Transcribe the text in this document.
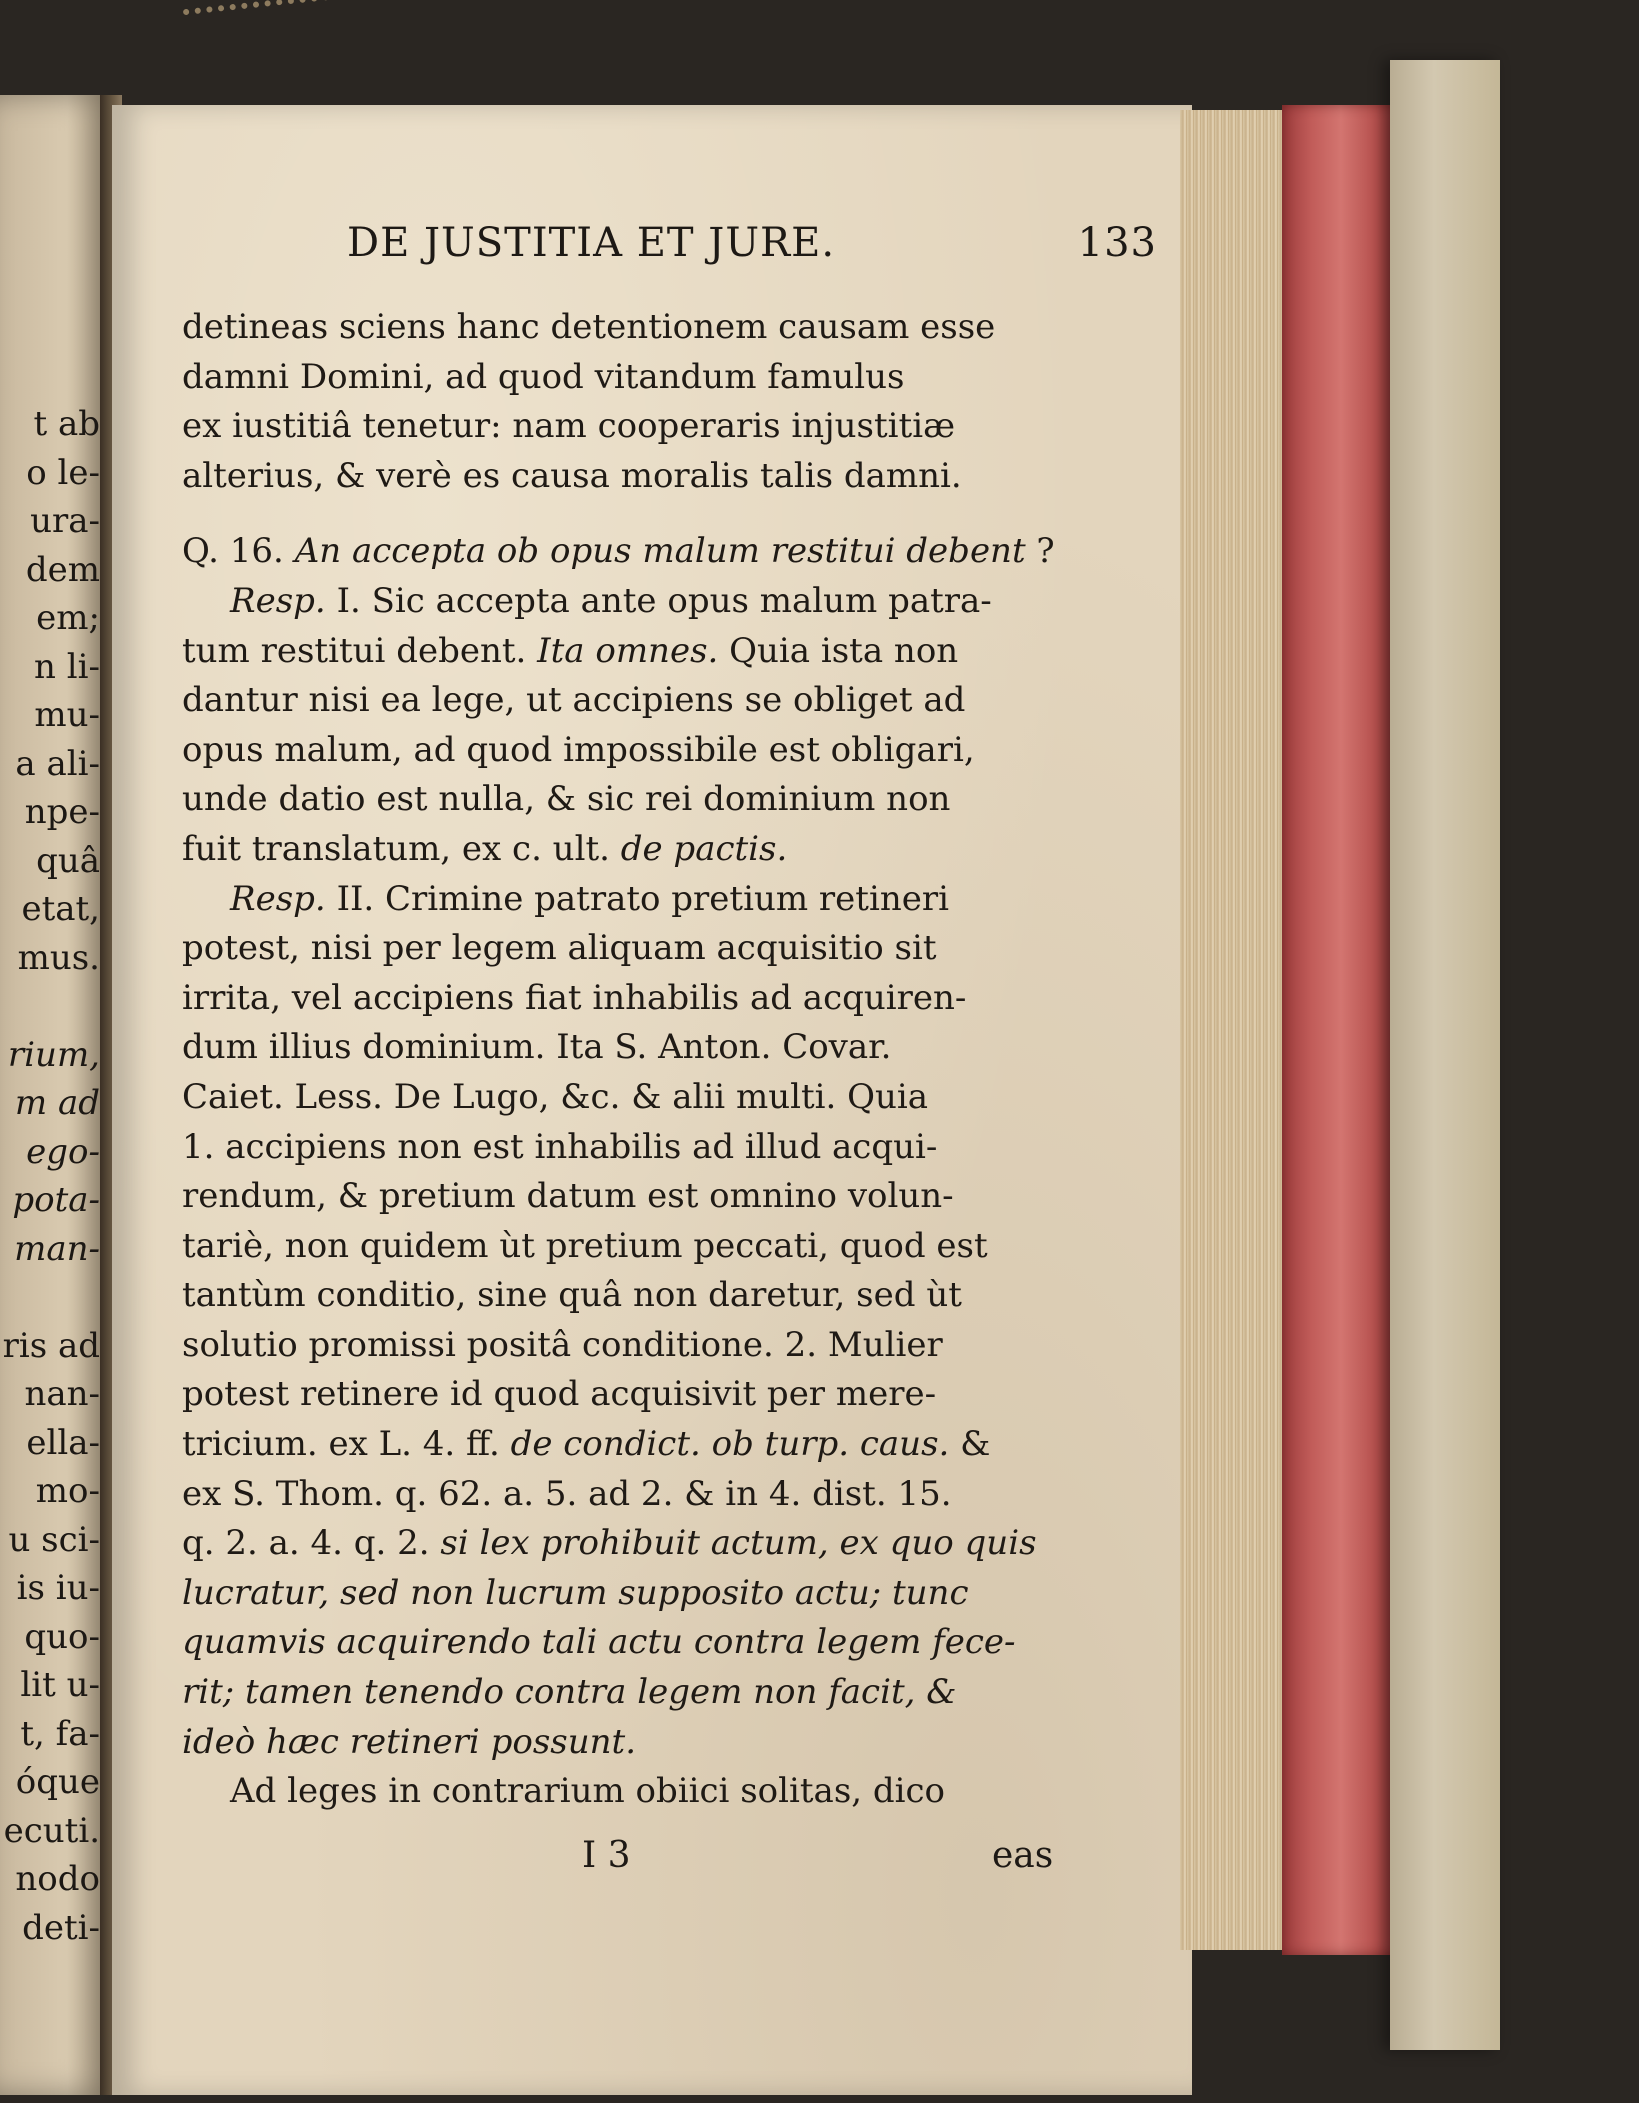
t ab
o le-
ura-
dem
em;
n li-
mu-
a ali-
npe-
quâ
etat,
mus.
rium,
m ad
ego-
pota-
man-
ris ad
nan-
ella-
mo-
u sci-
is iu-
quo-
lit u-
t, fa-
óque
ecuti.
nodo
deti-
DE JUSTITIA ET JURE.	133
detineas sciens hanc detentionem causam esse
damni Domini, ad quod vitandum famulus
ex iustitiâ tenetur: nam cooperaris injustitiæ
alterius, & verè es causa moralis talis damni.
Q. 16. An accepta ob opus malum restitui debent ?
Resp. I. Sic accepta ante opus malum patra-
tum restitui debent. Ita omnes. Quia ista non
dantur nisi ea lege, ut accipiens se obliget ad
opus malum, ad quod impossibile est obligari,
unde datio est nulla, & sic rei dominium non
fuit translatum, ex c. ult. de pactis.
Resp. II. Crimine patrato pretium retineri
potest, nisi per legem aliquam acquisitio sit
irrita, vel accipiens fiat inhabilis ad acquiren-
dum illius dominium. Ita S. Anton. Covar.
Caiet. Less. De Lugo, &c. & alii multi. Quia
1. accipiens non est inhabilis ad illud acqui-
rendum, & pretium datum est omnino volun-
tariè, non quidem ùt pretium peccati, quod est
tantùm conditio, sine quâ non daretur, sed ùt
solutio promissi positâ conditione. 2. Mulier
potest retinere id quod acquisivit per mere-
tricium. ex L. 4. ff. de condict. ob turp. caus. &
ex S. Thom. q. 62. a. 5. ad 2. & in 4. dist. 15.
q. 2. a. 4. q. 2. si lex prohibuit actum, ex quo quis
lucratur, sed non lucrum supposito actu; tunc
quamvis acquirendo tali actu contra legem fece-
rit; tamen tenendo contra legem non facit, &
ideò hæc retineri possunt.
Ad leges in contrarium obiici solitas, dico
I 3	eas
